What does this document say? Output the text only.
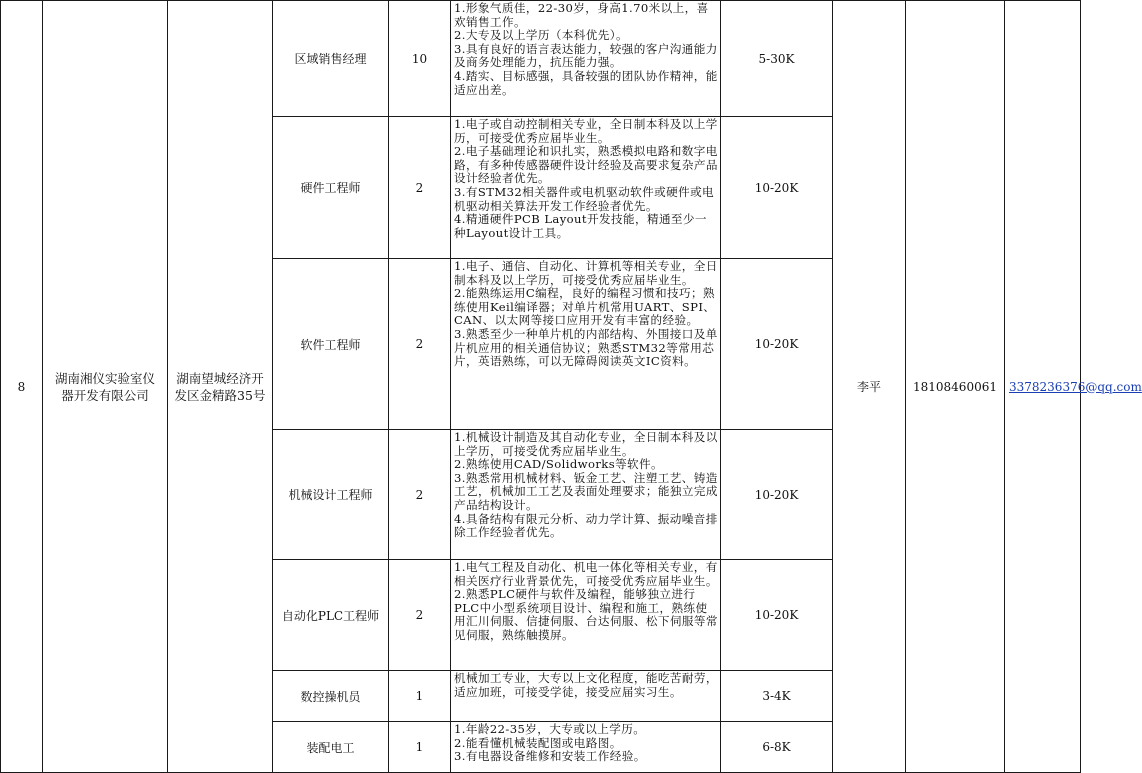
8	湖南湘仪实验室仪器开发有限公司	湖南望城经济开发区金精路35号	区域销售经理	10	1.形象气质佳，22-30岁，身高1.70米以上，喜欢销售工作。
2.大专及以上学历（本科优先）。
3.具有良好的语言表达能力，较强的客户沟通能力及商务处理能力，抗压能力强。
4.踏实、目标感强，具备较强的团队协作精神，能适应出差。	5-30K	李平	18108460061	3378236376@qq.com
			硬件工程师	2	1.电子或自动控制相关专业，全日制本科及以上学历，可接受优秀应届毕业生。
2.电子基础理论和识扎实，熟悉模拟电路和数字电路，有多种传感器硬件设计经验及高要求复杂产品设计经验者优先。
3.有STM32相关器件或电机驱动软件或硬件或电机驱动相关算法开发工作经验者优先。
4.精通硬件PCB Layout开发技能，精通至少一种Layout设计工具。	10-20K			
			软件工程师	2	1.电子、通信、自动化、计算机等相关专业，全日制本科及以上学历，可接受优秀应届毕业生。           2.能熟练运用C编程，良好的编程习惯和技巧；熟练使用Keil编译器；对单片机常用UART、SPI、CAN、以太网等接口应用开发有丰富的经验。
3.熟悉至少一种单片机的内部结构、外围接口及单片机应用的相关通信协议；熟悉STM32等常用芯片，英语熟练，可以无障碍阅读英文IC资料。	10-20K			
			机械设计工程师	2	1.机械设计制造及其自动化专业，全日制本科及以上学历，可接受优秀应届毕业生。
2.熟练使用CAD/Solidworks等软件。
3.熟悉常用机械材料、钣金工艺、注塑工艺、铸造工艺，机械加工工艺及表面处理要求；能独立完成产品结构设计。
4.具备结构有限元分析、动力学计算、振动噪音排除工作经验者优先。	10-20K			
			自动化PLC工程师	2	1.电气工程及自动化、机电一体化等相关专业，有相关医疗行业背景优先，可接受优秀应届毕业生。
2.熟悉PLC硬件与软件及编程，能够独立进行PLC中小型系统项目设计、编程和施工，熟练使用汇川伺服、信捷伺服、台达伺服、松下伺服等常见伺服，熟练触摸屏。	10-20K			
			数控操机员	1	机械加工专业，大专以上文化程度，能吃苦耐劳，适应加班，可接受学徒，接受应届实习生。	3-4K			
			装配电工	1	1.年龄22-35岁，大专或以上学历。
2.能看懂机械装配图或电路图。
3.有电器设备维修和安装工作经验。	6-8K			
